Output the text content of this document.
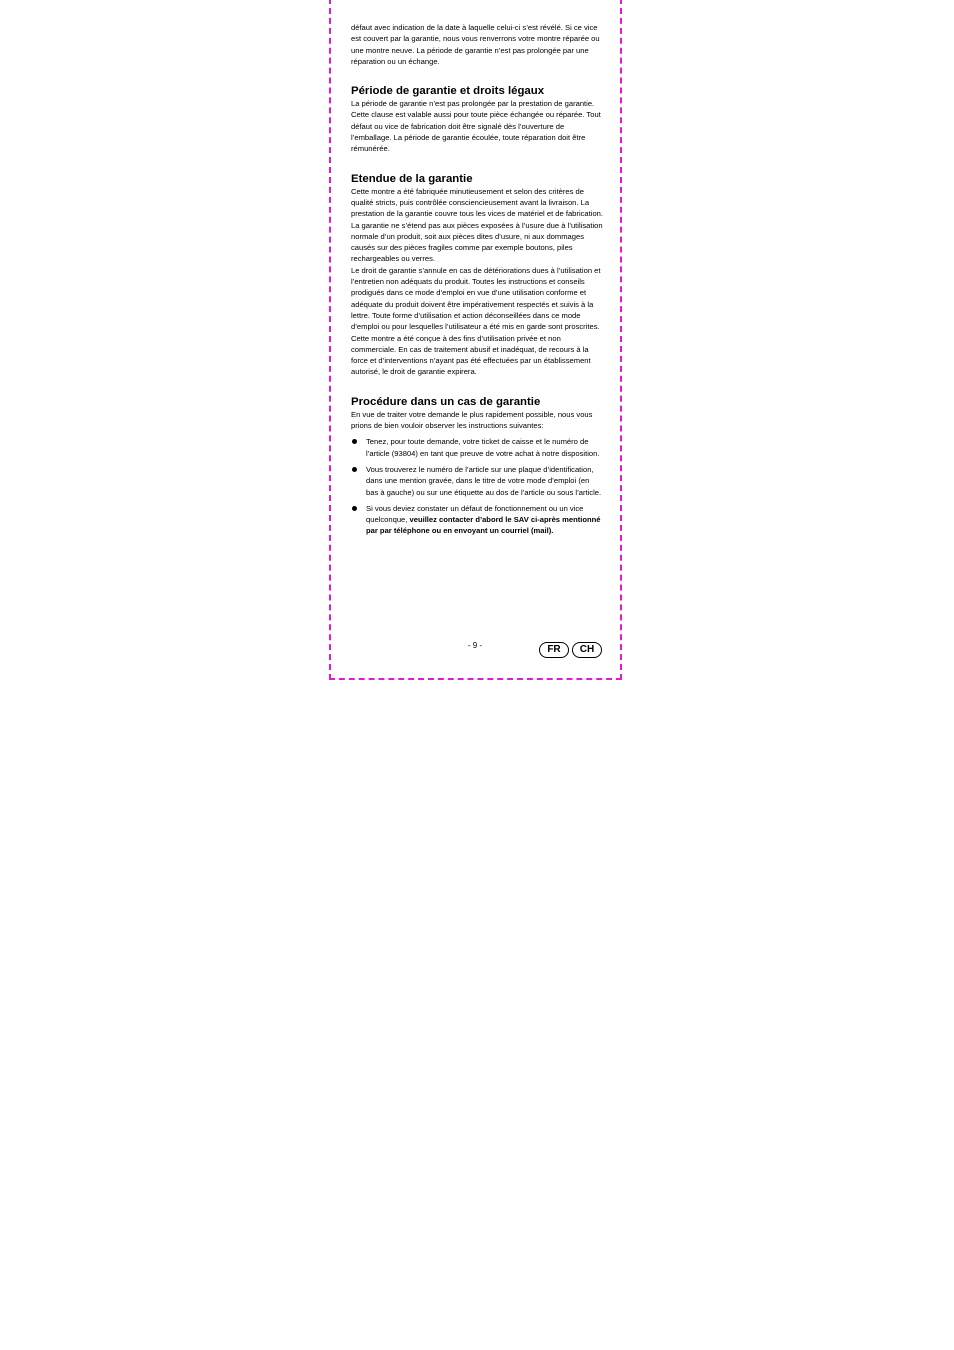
défaut avec indication de la date à laquelle celui-ci s’est révélé. Si ce vice est couvert par la garantie, nous vous renverrons votre montre réparée ou une montre neuve. La période de garantie n’est pas prolongée par une réparation ou un échange.

Période de garantie et droits légaux

La période de garantie n’est pas prolongée par la prestation de garantie. Cette clause est valable aussi pour toute pièce échangée ou réparée. Tout défaut ou vice de fabrication doit être signalé dès l’ouverture de l’emballage. La période de garantie écoulée, toute réparation doit être rémunérée.

Etendue de la garantie

Cette montre a été fabriquée minutieusement et selon des critères de qualité stricts, puis contrôlée consciencieusement avant la livraison. La prestation de la garantie couvre tous les vices de matériel et de fabrication. La garantie ne s’étend pas aux pièces exposées à l’usure due à l’utilisation normale d’un produit, soit aux pièces dites d’usure, ni aux dommages causés sur des pièces fragiles comme par exemple boutons, piles rechargeables ou verres.

Le droit de garantie s’annule en cas de détériorations dues à l’utilisation et l’entretien non adéquats du produit. Toutes les instructions et conseils prodigués dans ce mode d’emploi en vue d’une utilisation conforme et adéquate du produit doivent être impérativement respectés et suivis à la lettre. Toute forme d’utilisation et action déconseillées dans ce mode d’emploi ou pour lesquelles l’utilisateur a été mis en garde sont proscrites.

Cette montre a été conçue à des fins d’utilisation privée et non commerciale. En cas de traitement abusif et inadéquat, de recours à la force et d’interventions n’ayant pas été effectuées par un établissement autorisé, le droit de garantie expirera.

Procédure dans un cas de garantie

En vue de traiter votre demande le plus rapidement possible, nous vous prions de bien vouloir observer les instructions suivantes:

Tenez, pour toute demande, votre ticket de caisse et le numéro de l’article (93804) en tant que preuve de votre achat à notre disposition.
Vous trouverez le numéro de l’article sur une plaque d’identification, dans une mention gravée, dans le titre de votre mode d’emploi (en bas à gauche) ou sur une étiquette au dos de l’article ou sous l’article.
Si vous deviez constater un défaut de fonctionnement ou un vice quelconque, veuillez contacter d’abord le SAV ci-après mentionné par par téléphone ou en envoyant un courriel (mail).
- 9 -	FR	CH
